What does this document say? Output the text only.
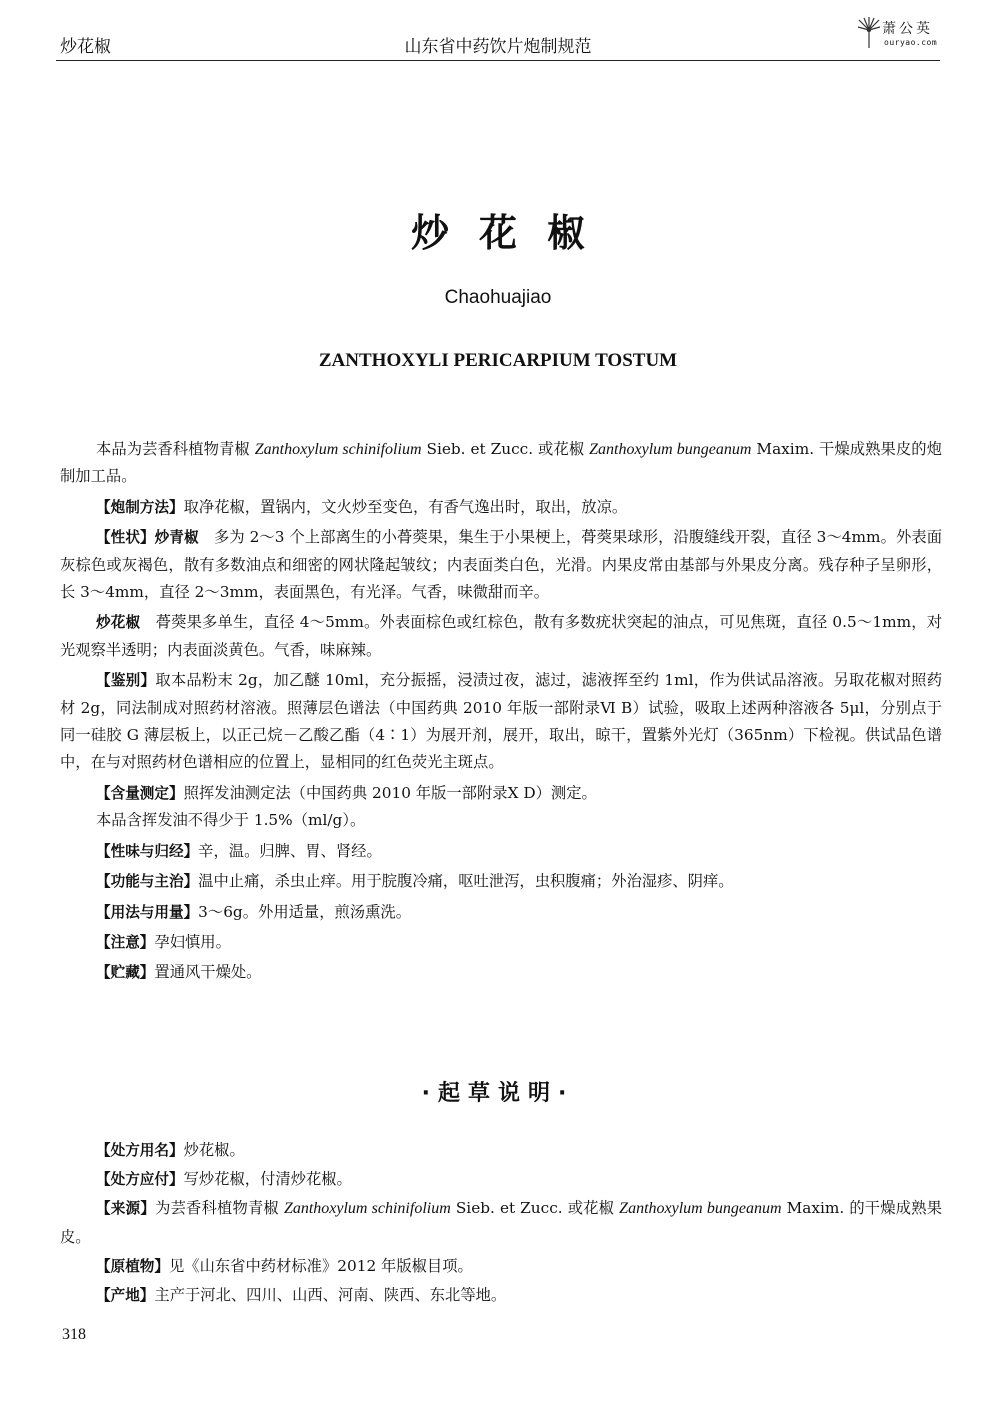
炒花椒	山东省中药饮片炮制规范
萧公英
ouryao.com
炒花椒
Chaohuajiao
ZANTHOXYLI PERICARPIUM TOSTUM

本品为芸香科植物青椒 Zanthoxylum schinifolium Sieb. et Zucc. 或花椒 Zanthoxylum bungeanum Maxim. 干燥成熟果皮的炮制加工品。

【炮制方法】取净花椒，置锅内，文火炒至变色，有香气逸出时，取出，放凉。

【性状】炒青椒　多为 2～3 个上部离生的小蓇葖果，集生于小果梗上，蓇葖果球形，沿腹缝线开裂，直径 3～4mm。外表面灰棕色或灰褐色，散有多数油点和细密的网状隆起皱纹；内表面类白色，光滑。内果皮常由基部与外果皮分离。残存种子呈卵形，长 3～4mm，直径 2～3mm，表面黑色，有光泽。气香，味微甜而辛。

炒花椒　蓇葖果多单生，直径 4～5mm。外表面棕色或红棕色，散有多数疣状突起的油点，可见焦斑，直径 0.5～1mm，对光观察半透明；内表面淡黄色。气香，味麻辣。

【鉴别】取本品粉末 2g，加乙醚 10ml，充分振摇，浸渍过夜，滤过，滤液挥至约 1ml，作为供试品溶液。另取花椒对照药材 2g，同法制成对照药材溶液。照薄层色谱法（中国药典 2010 年版一部附录Ⅵ B）试验，吸取上述两种溶液各 5μl，分别点于同一硅胶 G 薄层板上，以正己烷－乙酸乙酯（4∶1）为展开剂，展开，取出，晾干，置紫外光灯（365nm）下检视。供试品色谱中，在与对照药材色谱相应的位置上，显相同的红色荧光主斑点。

【含量测定】照挥发油测定法（中国药典 2010 年版一部附录Ⅹ D）测定。

本品含挥发油不得少于 1.5%（ml/g）。

【性味与归经】辛，温。归脾、胃、肾经。

【功能与主治】温中止痛，杀虫止痒。用于脘腹冷痛，呕吐泄泻，虫积腹痛；外治湿疹、阴痒。

【用法与用量】3～6g。外用适量，煎汤熏洗。

【注意】孕妇慎用。

【贮藏】置通风干燥处。

·起草说明·

【处方用名】炒花椒。

【处方应付】写炒花椒，付清炒花椒。

【来源】为芸香科植物青椒 Zanthoxylum schinifolium Sieb. et Zucc. 或花椒 Zanthoxylum bungeanum Maxim. 的干燥成熟果皮。

【原植物】见《山东省中药材标准》2012 年版椒目项。

【产地】主产于河北、四川、山西、河南、陕西、东北等地。

318
